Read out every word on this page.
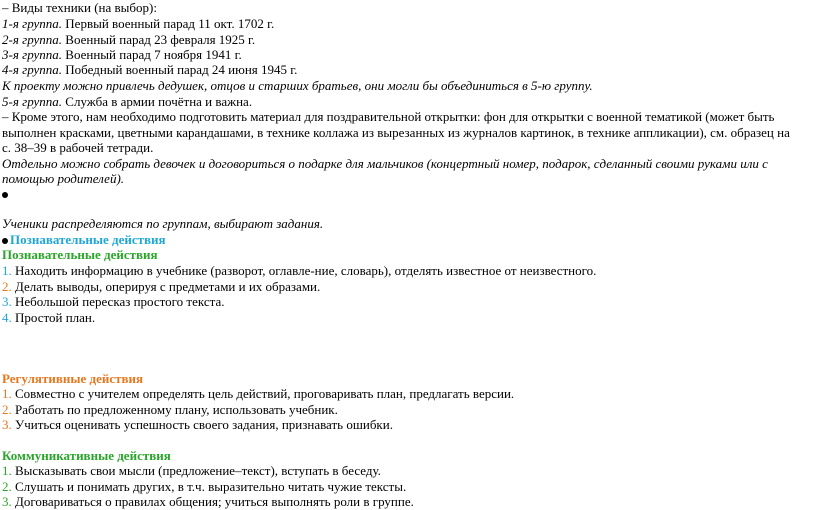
– Виды техники (на выбор):
1-я группа. Первый военный парад 11 окт. 1702 г.
2-я группа. Военный парад 23 февраля 1925 г.
3-я группа. Военный парад 7 ноября 1941 г.
4-я группа. Победный военный парад 24 июня 1945 г.
К проекту можно привлечь дедушек, отцов и старших братьев, они могли бы объединиться в 5-ю группу.
5-я группа. Служба в армии почётна и важна.
– Кроме этого, нам необходимо подготовить материал для поздравительной открытки: фон для открытки с военной тематикой (может быть
выполнен красками, цветными карандашами, в технике коллажа из вырезанных из журналов картинок, в технике аппликации), см. образец на
с. 38–39 в рабочей тетради.
Отдельно можно собрать девочек и договориться о подарке для мальчиков (концертный номер, подарок, сделанный своими руками или с
помощью родителей).
Ученики распределяются по группам, выбирают задания.
Познавательные действия
Познавательные действия
1. Находить информацию в учебнике (разворот, оглавле-ние, словарь), отделять известное от неизвестного.
2. Делать выводы, оперируя с предметами и их образами.
3. Небольшой пересказ простого текста.
4. Простой план.
Регулятивные действия
1. Совместно с учителем определять цель действий, проговаривать план, предлагать версии.
2. Работать по предложенному плану, использовать учебник.
3. Учиться оценивать успешность своего задания, признавать ошибки.
Коммуникативные действия
1. Высказывать свои мысли (предложение–текст), вступать в беседу.
2. Слушать и понимать других, в т.ч. выразительно читать чужие тексты.
3. Договариваться о правилах общения; учиться выполнять роли в группе.
